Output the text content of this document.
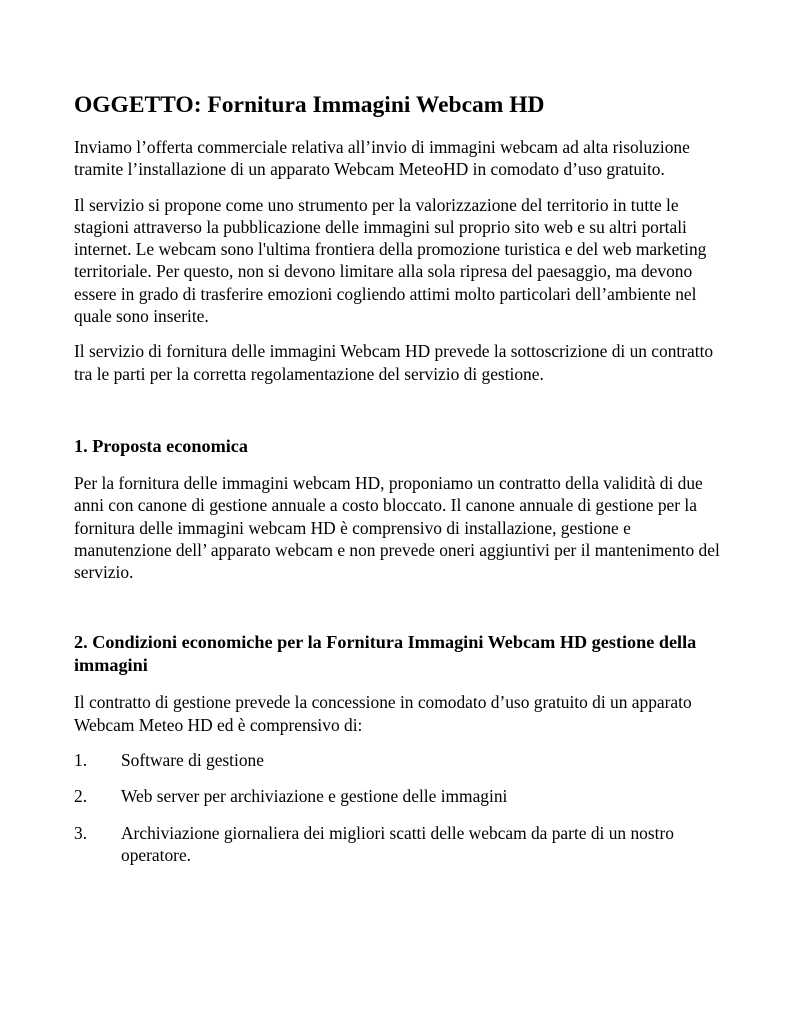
OGGETTO: Fornitura Immagini Webcam HD

Inviamo l’offerta commerciale relativa all’invio di immagini webcam ad alta risoluzione tramite l’installazione di un apparato Webcam MeteoHD in comodato d’uso gratuito.

Il servizio si propone come uno strumento per la valorizzazione del territorio in tutte le stagioni attraverso la pubblicazione delle immagini sul proprio sito web e su altri portali internet. Le webcam sono l'ultima frontiera della promozione turistica e del web marketing territoriale. Per questo, non si devono limitare alla sola ripresa del paesaggio, ma devono essere in grado di trasferire emozioni cogliendo attimi molto particolari dell’ambiente nel quale sono inserite.

Il servizio di fornitura delle immagini Webcam HD prevede la sottoscrizione di un contratto tra le parti per la corretta regolamentazione del servizio di gestione.

1. Proposta economica

Per la fornitura delle immagini webcam HD, proponiamo un contratto della validità di due anni con canone di gestione annuale a costo bloccato. Il canone annuale di gestione per la fornitura delle immagini webcam HD è comprensivo di installazione, gestione e manutenzione dell’ apparato webcam e non prevede oneri aggiuntivi per il mantenimento del servizio.

2. Condizioni economiche per la Fornitura Immagini Webcam HD gestione della immagini

Il contratto di gestione prevede la concessione in comodato d’uso gratuito di un apparato Webcam Meteo HD ed è comprensivo di:

1.	Software di gestione
2.	Web server per archiviazione e gestione delle immagini
3.	Archiviazione giornaliera dei migliori scatti delle webcam da parte di un nostro operatore.
